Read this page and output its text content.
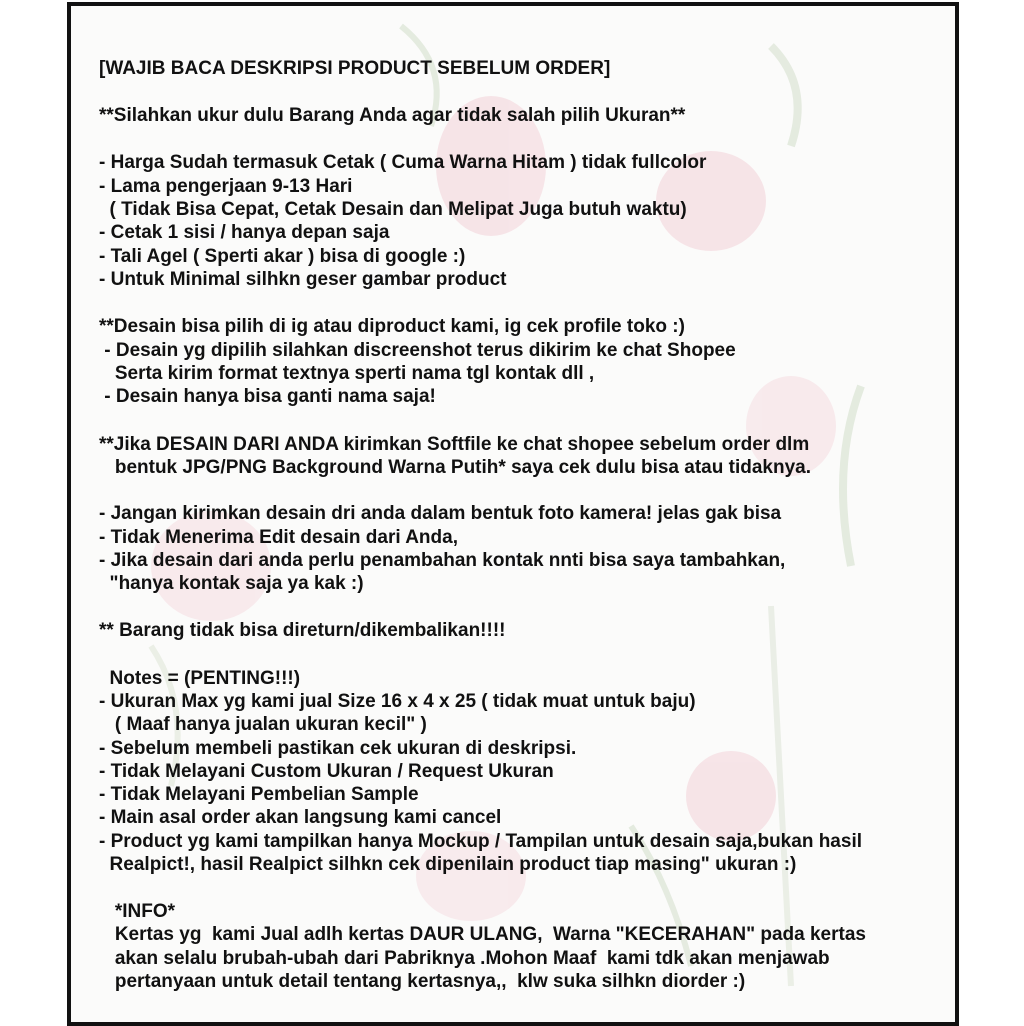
[WAJIB BACA DESKRIPSI PRODUCT SEBELUM ORDER]
**Silahkan ukur dulu Barang Anda agar tidak salah pilih Ukuran**
- Harga Sudah termasuk Cetak ( Cuma Warna Hitam ) tidak fullcolor
- Lama pengerjaan 9-13 Hari
( Tidak Bisa Cepat, Cetak Desain dan Melipat Juga butuh waktu)
- Cetak 1 sisi / hanya depan saja
- Tali Agel ( Sperti akar ) bisa di google :)
- Untuk Minimal silhkn geser gambar product
**Desain bisa pilih di ig atau diproduct kami, ig cek profile toko :)
- Desain yg dipilih silahkan discreenshot terus dikirim ke chat Shopee
Serta kirim format textnya sperti nama tgl kontak dll ,
- Desain hanya bisa ganti nama saja!
**Jika DESAIN DARI ANDA kirimkan Softfile ke chat shopee sebelum order dlm
bentuk JPG/PNG Background Warna Putih* saya cek dulu bisa atau tidaknya.
- Jangan kirimkan desain dri anda dalam bentuk foto kamera! jelas gak bisa
- Tidak Menerima Edit desain dari Anda,
- Jika desain dari anda perlu penambahan kontak nnti bisa saya tambahkan,
"hanya kontak saja ya kak :)
** Barang tidak bisa direturn/dikembalikan!!!!
Notes = (PENTING!!!)
- Ukuran Max yg kami jual Size 16 x 4 x 25 ( tidak muat untuk baju)
( Maaf hanya jualan ukuran kecil" )
- Sebelum membeli pastikan cek ukuran di deskripsi.
- Tidak Melayani Custom Ukuran / Request Ukuran
- Tidak Melayani Pembelian Sample
- Main asal order akan langsung kami cancel
- Product yg kami tampilkan hanya Mockup / Tampilan untuk desain saja,bukan hasil
Realpict!, hasil Realpict silhkn cek dipenilain product tiap masing" ukuran :)
*INFO*
Kertas yg  kami Jual adlh kertas DAUR ULANG,  Warna "KECERAHAN" pada kertas
akan selalu brubah-ubah dari Pabriknya .Mohon Maaf  kami tdk akan menjawab
pertanyaan untuk detail tentang kertasnya,,  klw suka silhkn diorder :)
